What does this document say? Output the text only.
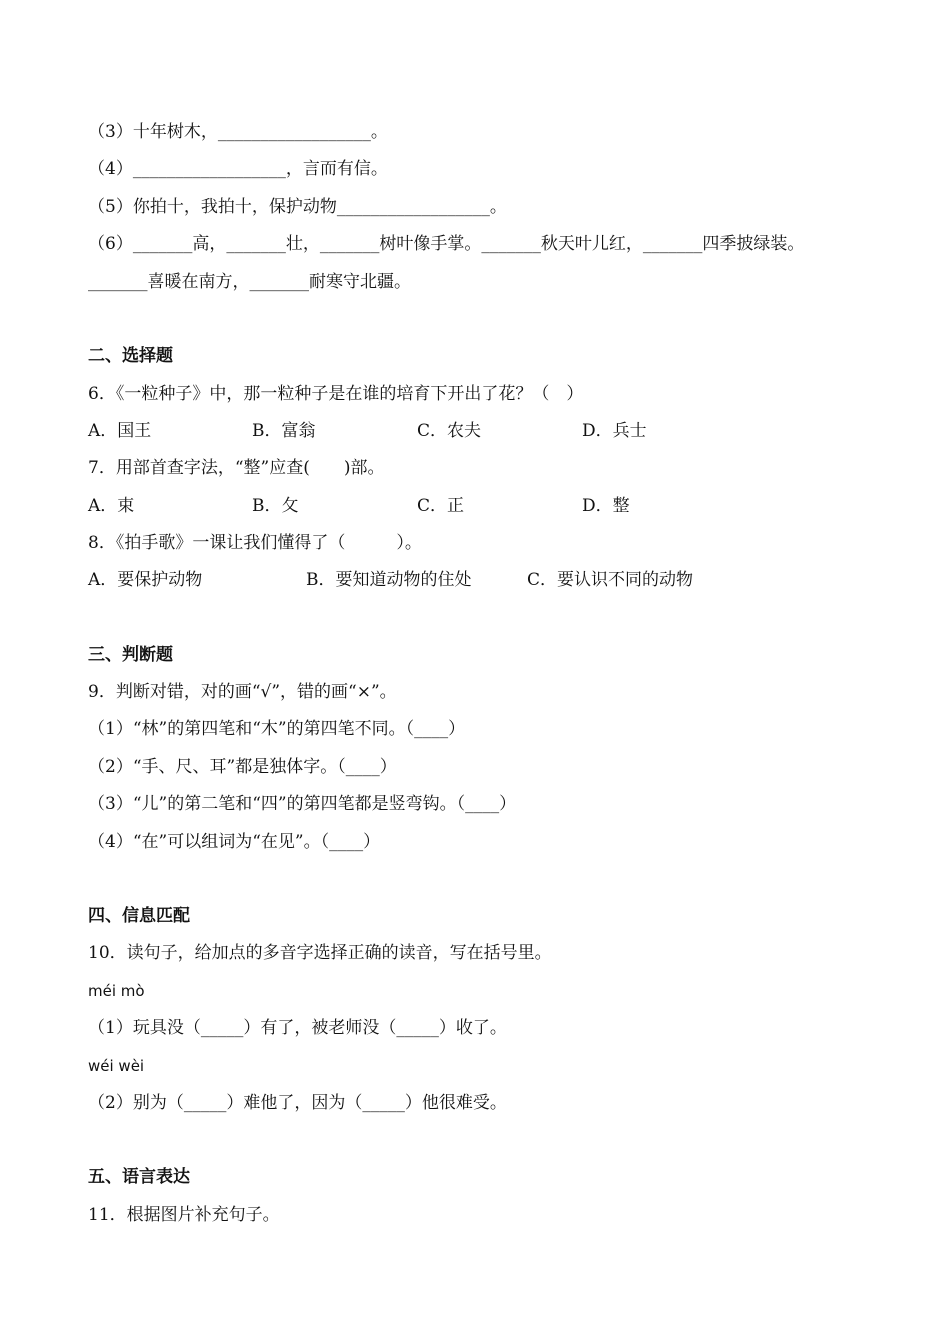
（3）十年树木，__________________。
（4）__________________，言而有信。
（5）你拍十，我拍十，保护动物__________________。
（6）_______高，_______壮，_______树叶像手掌。_______秋天叶儿红，_______四季披绿装。
_______喜暖在南方，_______耐寒守北疆。
二、选择题
6．《一粒种子》中，那一粒种子是在谁的培育下开出了花？（　）
A．国王	B．富翁	C．农夫	D．兵士
7．用部首查字法，“整”应查(　　)部。
A．束	B．攵	C．正	D．整
8．《拍手歌》一课让我们懂得了（　　　）。
A．要保护动物	B．要知道动物的住处	C．要认识不同的动物
三、判断题
9．判断对错，对的画“√”，错的画“×”。
（1）“林”的第四笔和“木”的第四笔不同。（____）
（2）“手、尺、耳”都是独体字。（____）
（3）“儿”的第二笔和“四”的第四笔都是竖弯钩。（____）
（4）“在”可以组词为“在见”。（____）
四、信息匹配
10．读句子，给加点的多音字选择正确的读音，写在括号里。
méi mò
（1）玩具没（_____）有了，被老师没（_____）收了。
wéi wèi
（2）别为（_____）难他了，因为（_____）他很难受。
五、语言表达
11．根据图片补充句子。
